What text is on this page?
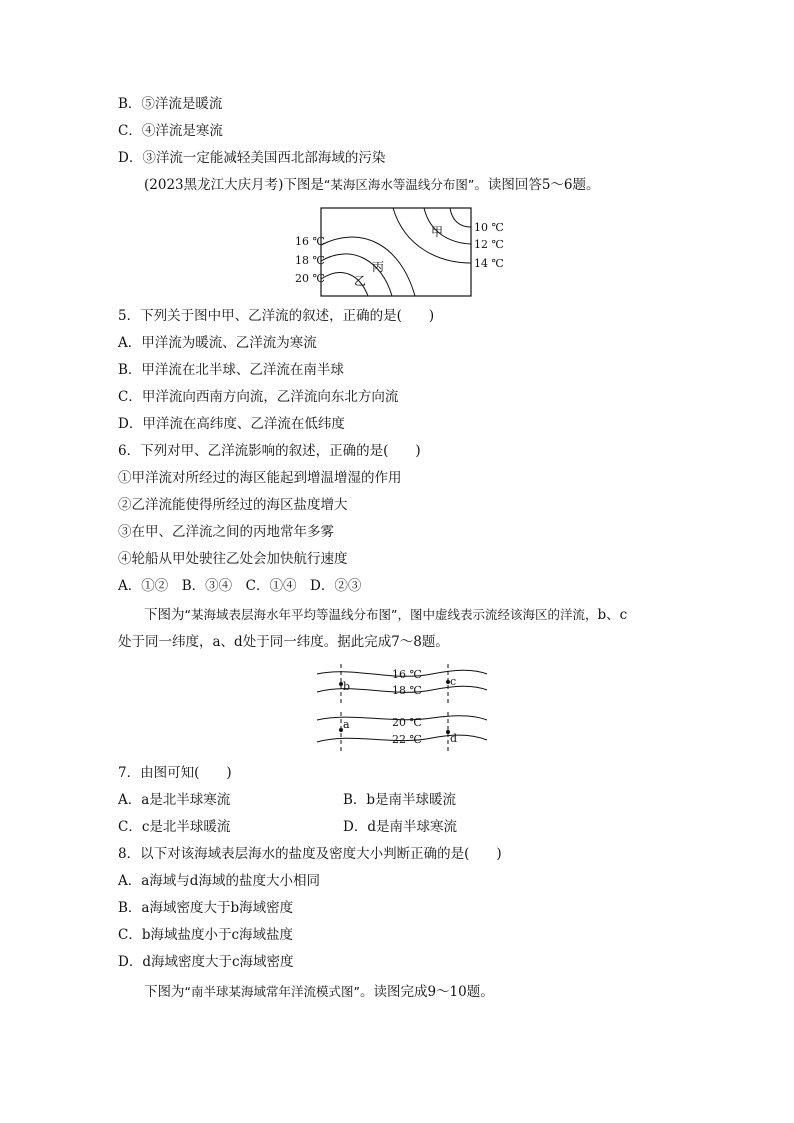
B．⑤洋流是暖流
C．④洋流是寒流
D．③洋流一定能减轻美国西北部海域的污染
(2023黑龙江大庆月考)下图是“某海区海水等温线分布图”。读图回答5～6题。
16 ℃
18 ℃
20 ℃
10 ℃
12 ℃
14 ℃
甲
丙
乙
5．下列关于图中甲、乙洋流的叙述，正确的是(　　)
A．甲洋流为暖流、乙洋流为寒流
B．甲洋流在北半球、乙洋流在南半球
C．甲洋流向西南方向流，乙洋流向东北方向流
D．甲洋流在高纬度、乙洋流在低纬度
6．下列对甲、乙洋流影响的叙述，正确的是(　　)
①甲洋流对所经过的海区能起到增温增湿的作用
②乙洋流能使得所经过的海区盐度增大
③在甲、乙洋流之间的丙地常年多雾
④轮船从甲处驶往乙处会加快航行速度
A．①②　B．③④　C．①④　D．②③
下图为“某海域表层海水年平均等温线分布图”，图中虚线表示流经该海区的洋流，b、c
处于同一纬度，a、d处于同一纬度。据此完成7～8题。
b	c
a
d
16 ℃
18 ℃
20 ℃
22 ℃
7．由图可知(　　)
A．a是北半球寒流	B．b是南半球暖流
C．c是北半球暖流	D．d是南半球寒流
8．以下对该海域表层海水的盐度及密度大小判断正确的是(　　)
A．a海域与d海域的盐度大小相同
B．a海域密度大于b海域密度
C．b海域盐度小于c海域盐度
D．d海域密度大于c海域密度
下图为“南半球某海域常年洋流模式图”。读图完成9～10题。
